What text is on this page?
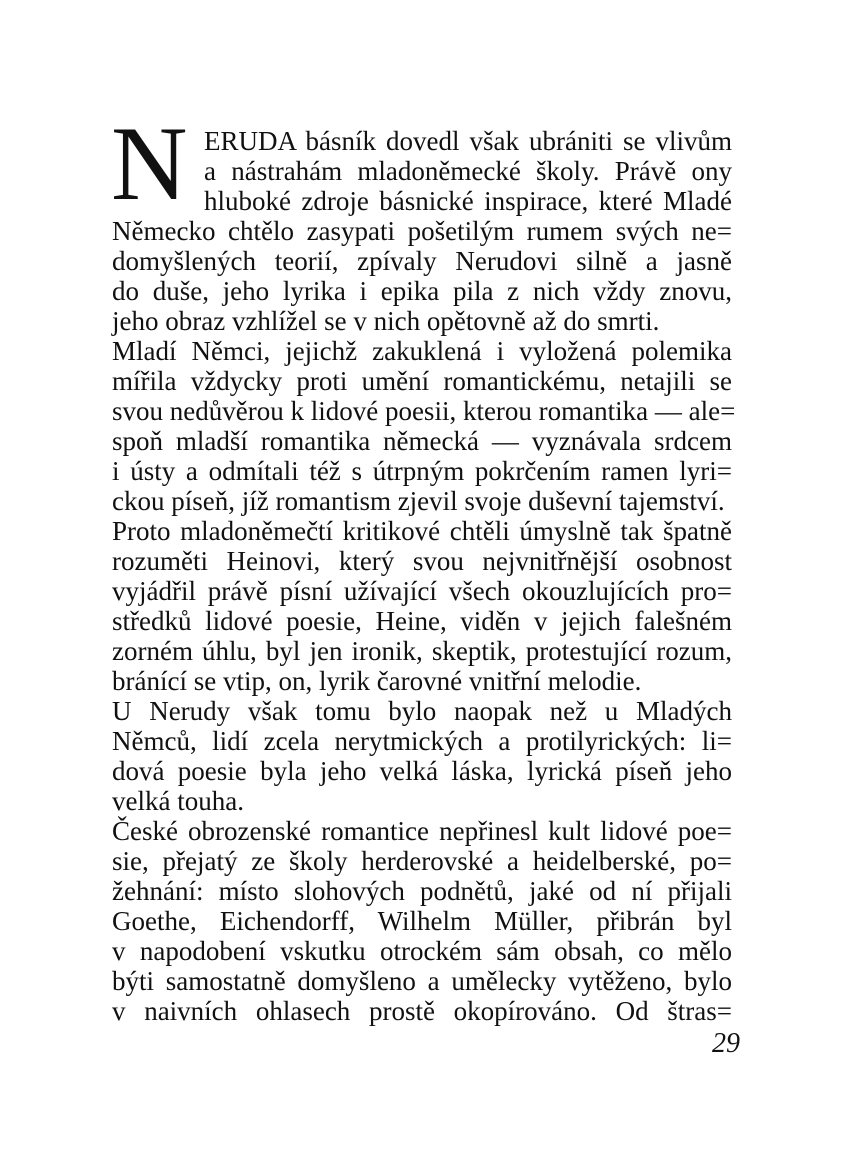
N ERUDA básník dovedl však ubrániti se vlivům
a nástrahám mladoněmecké školy. Právě ony
hluboké zdroje básnické inspirace, které Mladé
Německo chtělo zasypati pošetilým rumem svých ne=
domyšlených teorií, zpívaly Nerudovi silně a jasně
do duše, jeho lyrika i epika pila z nich vždy znovu,
jeho obraz vzhlížel se v nich opětovně až do smrti.
Mladí Němci, jejichž zakuklená i vyložená polemika
mířila vždycky proti umění romantickému, netajili se
svou nedůvěrou k lidové poesii, kterou romantika — ale=
spoň mladší romantika německá — vyznávala srdcem
i ústy a odmítali též s útrpným pokrčením ramen lyri=
ckou píseň, jíž romantism zjevil svoje duševní tajemství.
Proto mladoněmečtí kritikové chtěli úmyslně tak špatně
rozuměti Heinovi, který svou nejvnitřnější osobnost
vyjádřil právě písní užívající všech okouzlujících pro=
středků lidové poesie, Heine, viděn v jejich falešném
zorném úhlu, byl jen ironik, skeptik, protestující rozum,
bránící se vtip, on, lyrik čarovné vnitřní melodie.
U Nerudy však tomu bylo naopak než u Mladých
Němců, lidí zcela nerytmických a protilyrických: li=
dová poesie byla jeho velká láska, lyrická píseň jeho
velká touha.
České obrozenské romantice nepřinesl kult lidové poe=
sie, přejatý ze školy herderovské a heidelberské, po=
žehnání: místo slohových podnětů, jaké od ní přijali
Goethe, Eichendorff, Wilhelm Müller, přibrán byl
v napodobení vskutku otrockém sám obsah, co mělo
býti samostatně domyšleno a umělecky vytěženo, bylo
v naivních ohlasech prostě okopírováno. Od štras=
29
